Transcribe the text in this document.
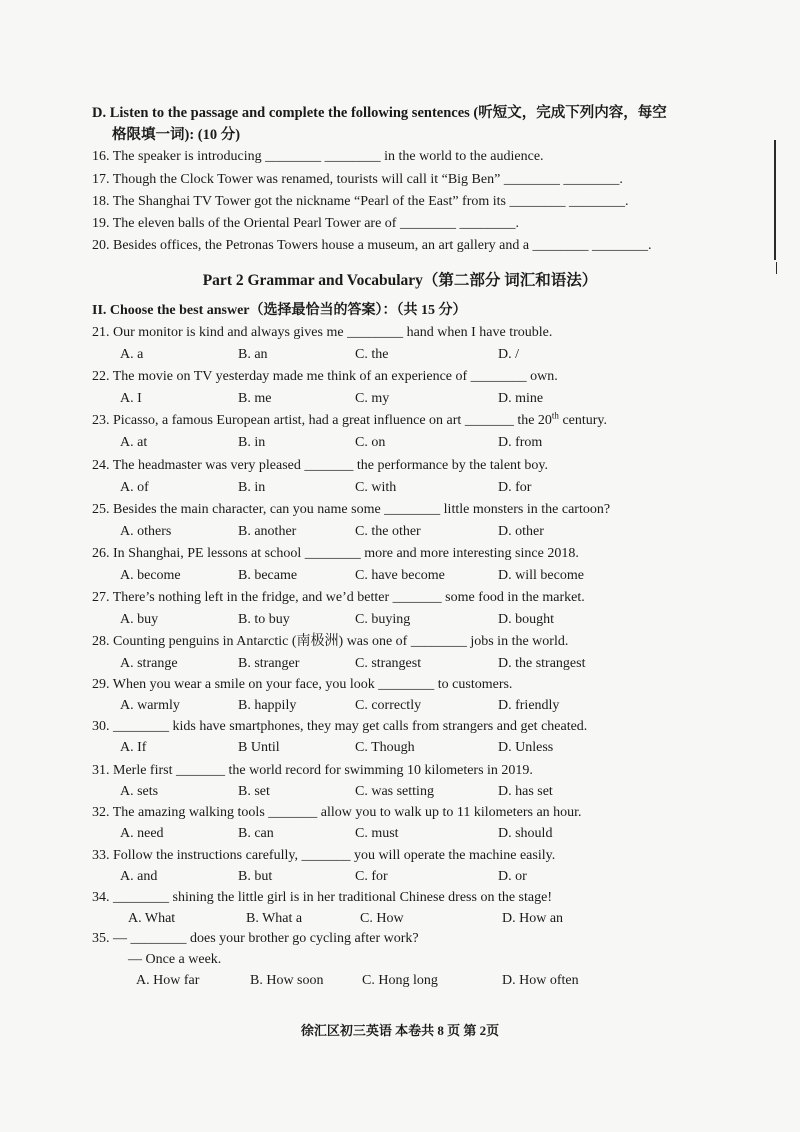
D. Listen to the passage and complete the following sentences (听短文，完成下列内容，每空
格限填一词): (10 分)
16. The speaker is introducing ________ ________ in the world to the audience.
17. Though the Clock Tower was renamed, tourists will call it “Big Ben” ________ ________.
18. The Shanghai TV Tower got the nickname “Pearl of the East” from its ________ ________.
19. The eleven balls of the Oriental Pearl Tower are of ________ ________.
20. Besides offices, the Petronas Towers house a museum, an art gallery and a ________ ________.
Part 2 Grammar and Vocabulary（第二部分 词汇和语法）
II. Choose the best answer（选择最恰当的答案）：（共 15 分）
21. Our monitor is kind and always gives me ________ hand when I have trouble.
A. a	B. an	C. the	D. /
22. The movie on TV yesterday made me think of an experience of ________ own.
A. I	B. me	C. my	D. mine
23. Picasso, a famous European artist, had a great influence on art _______ the 20th century.
A. at	B. in	C. on	D. from
24. The headmaster was very pleased _______ the performance by the talent boy.
A. of	B. in	C. with	D. for
25. Besides the main character, can you name some ________ little monsters in the cartoon?
A. others	B. another	C. the other	D. other
26. In Shanghai, PE lessons at school ________ more and more interesting since 2018.
A. become	B. became	C. have become	D. will become
27. There’s nothing left in the fridge, and we’d better _______ some food in the market.
A. buy	B. to buy	C. buying	D. bought
28. Counting penguins in Antarctic (南极洲) was one of ________ jobs in the world.
A. strange	B. stranger	C. strangest	D. the strangest
29. When you wear a smile on your face, you look ________ to customers.
A. warmly	B. happily	C. correctly	D. friendly
30. ________ kids have smartphones, they may get calls from strangers and get cheated.
A. If	B Until	C. Though	D. Unless
31. Merle first _______ the world record for swimming 10 kilometers in 2019.
A. sets	B. set	C. was setting	D. has set
32. The amazing walking tools _______ allow you to walk up to 11 kilometers an hour.
A. need	B. can	C. must	D. should
33. Follow the instructions carefully, _______ you will operate the machine easily.
A. and	B. but	C. for	D. or
34. ________ shining the little girl is in her traditional Chinese dress on the stage!
A. What	B. What a	C. How	D. How an
35. — ________ does your brother go cycling after work?
— Once a week.
A. How far	B. How soon	C. Hong long	D. How often
徐汇区初三英语 本卷共 8 页 第 2页
